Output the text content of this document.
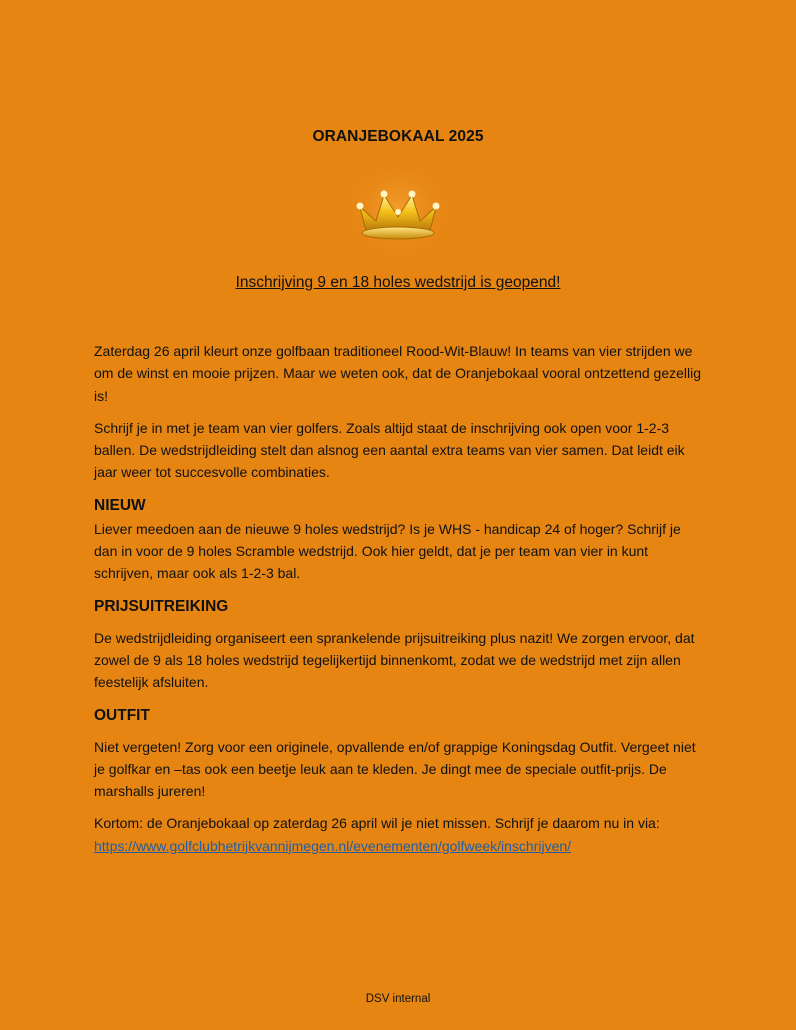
ORANJEBOKAAL 2025
Inschrijving 9 en 18 holes wedstrijd is geopend!

Zaterdag 26 april kleurt onze golfbaan traditioneel Rood-Wit-Blauw! In teams van vier strijden we om de winst en mooie prijzen. Maar we weten ook, dat de Oranjebokaal vooral ontzettend gezellig is!

Schrijf je in met je team van vier golfers. Zoals altijd staat de inschrijving ook open voor 1-2-3 ballen. De wedstrijdleiding stelt dan alsnog een aantal extra teams van vier samen. Dat leidt eik jaar weer tot succesvolle combinaties.

NIEUW

Liever meedoen aan de nieuwe 9 holes wedstrijd? Is je WHS - handicap 24 of hoger? Schrijf je dan in voor de 9 holes Scramble wedstrijd. Ook hier geldt, dat je per team van vier in kunt schrijven, maar ook als 1-2-3 bal.

PRIJSUITREIKING

De wedstrijdleiding organiseert een sprankelende prijsuitreiking plus nazit! We zorgen ervoor, dat zowel de 9 als 18 holes wedstrijd tegelijkertijd binnenkomt, zodat we de wedstrijd met zijn allen feestelijk afsluiten.

OUTFIT

Niet vergeten! Zorg voor een originele, opvallende en/of grappige Koningsdag Outfit. Vergeet niet je golfkar en –tas ook een beetje leuk aan te kleden. Je dingt mee de speciale outfit-prijs. De marshalls jureren!

Kortom: de Oranjebokaal op zaterdag 26 april wil je niet missen. Schrijf je daarom nu in via:
https://www.golfclubhetrijkvannijmegen.nl/evenementen/golfweek/inschrijven/

DSV internal
